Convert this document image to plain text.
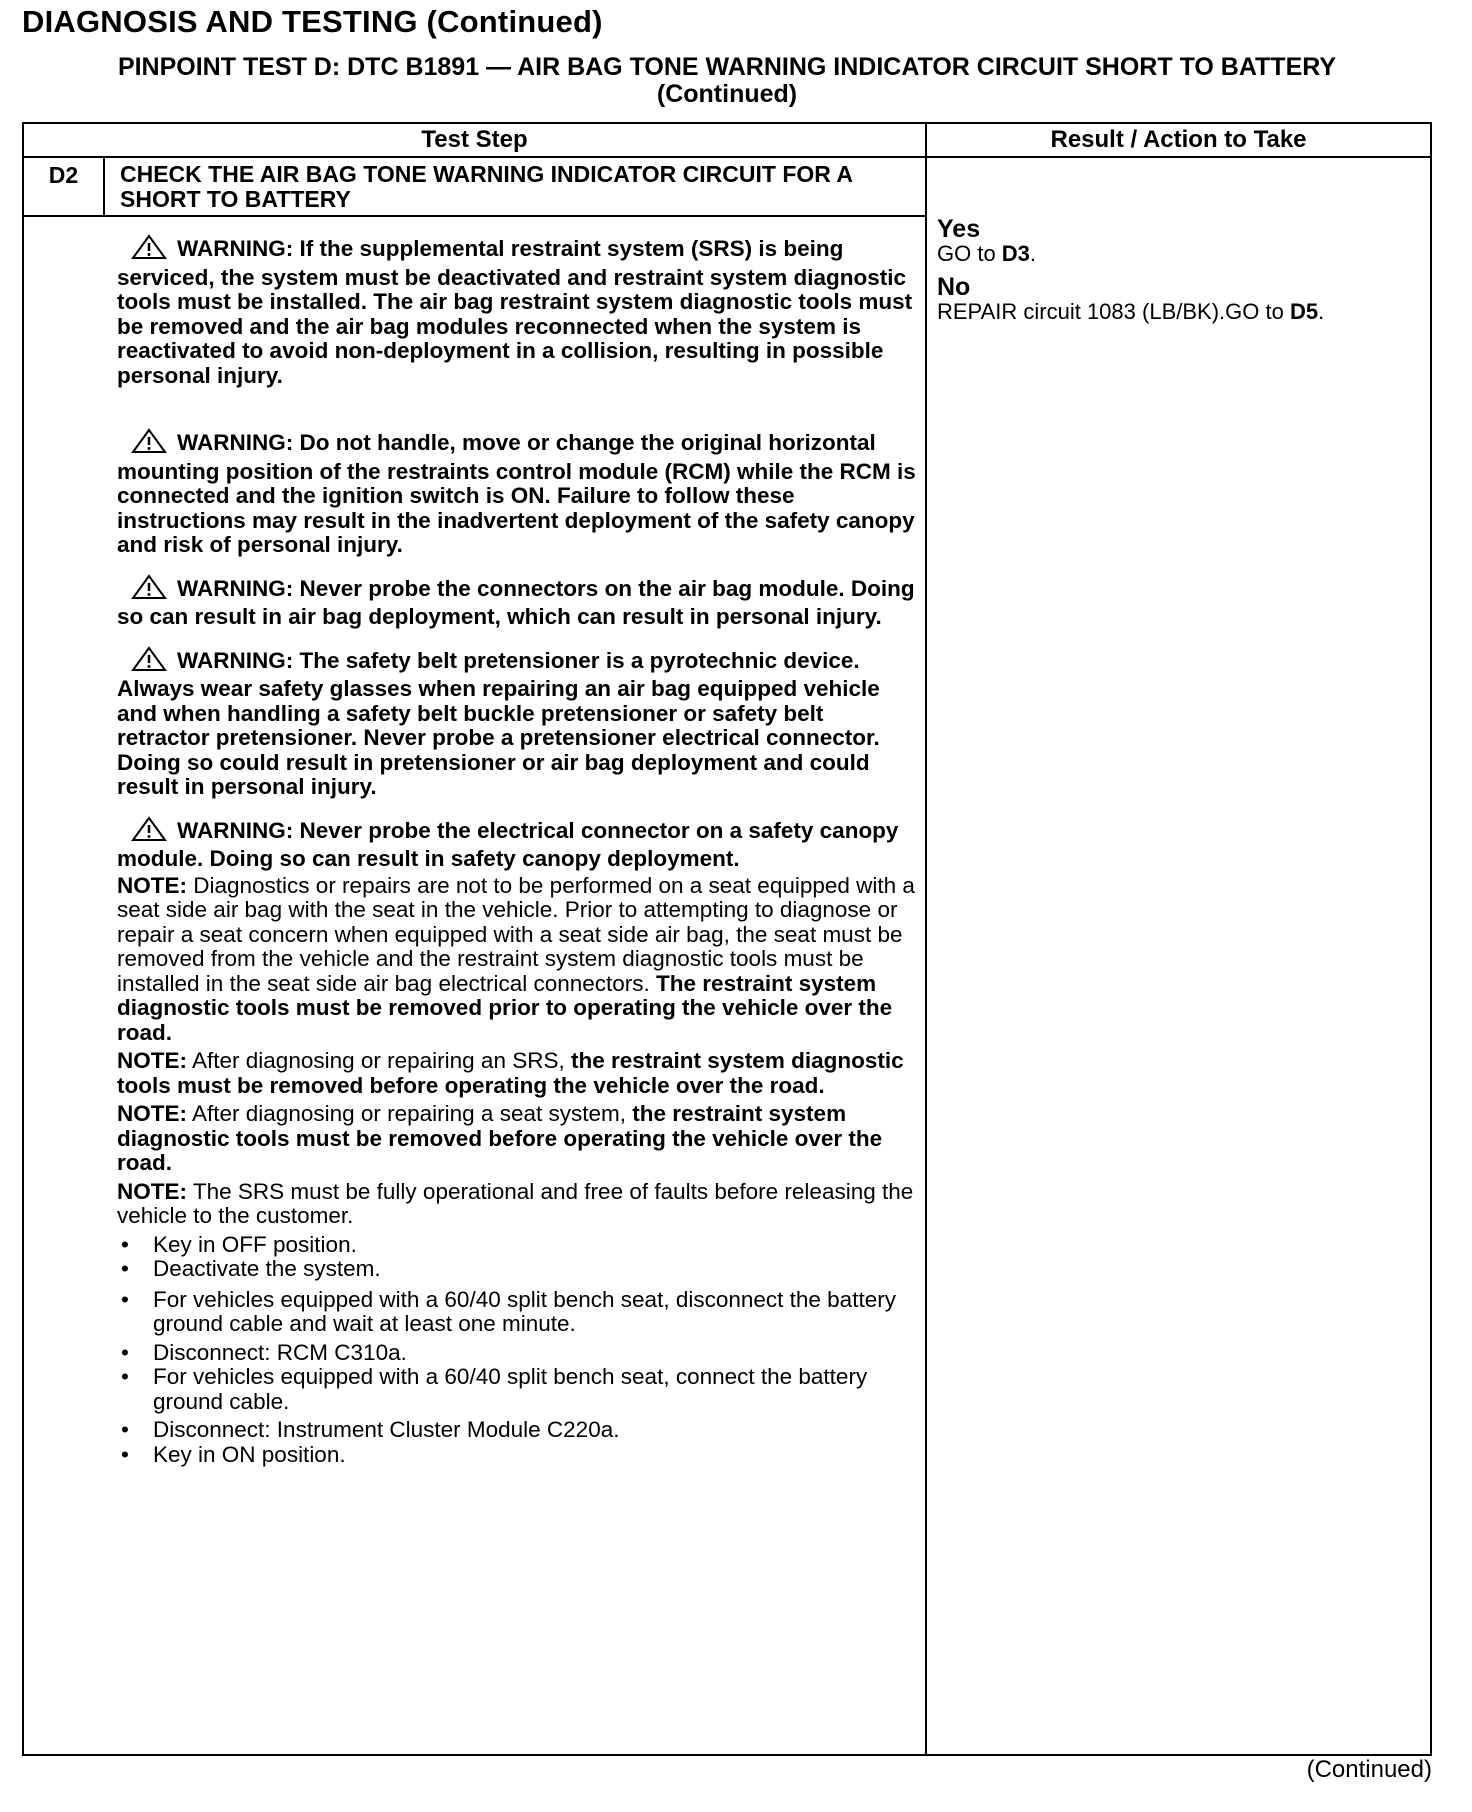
DIAGNOSIS AND TESTING (Continued)
PINPOINT TEST D: DTC B1891 — AIR BAG TONE WARNING INDICATOR CIRCUIT SHORT TO BATTERY
(Continued)
Test Step	Result / Action to Take
D2	CHECK THE AIR BAG TONE WARNING INDICATOR CIRCUIT FOR A SHORT TO BATTERY

WARNING: If the supplemental restraint system (SRS) is being serviced, the system must be deactivated and restraint system diagnostic tools must be installed. The air bag restraint system diagnostic tools must be removed and the air bag modules reconnected when the system is reactivated to avoid non-deployment in a collision, resulting in possible personal injury.

WARNING: Do not handle, move or change the original horizontal mounting position of the restraints control module (RCM) while the RCM is connected and the ignition switch is ON. Failure to follow these instructions may result in the inadvertent deployment of the safety canopy and risk of personal injury.

WARNING: Never probe the connectors on the air bag module. Doing so can result in air bag deployment, which can result in personal injury.

WARNING: The safety belt pretensioner is a pyrotechnic device. Always wear safety glasses when repairing an air bag equipped vehicle and when handling a safety belt buckle pretensioner or safety belt retractor pretensioner. Never probe a pretensioner electrical connector. Doing so could result in pretensioner or air bag deployment and could result in personal injury.

WARNING: Never probe the electrical connector on a safety canopy module. Doing so can result in safety canopy deployment.

NOTE: Diagnostics or repairs are not to be performed on a seat equipped with a seat side air bag with the seat in the vehicle. Prior to attempting to diagnose or repair a seat concern when equipped with a seat side air bag, the seat must be removed from the vehicle and the restraint system diagnostic tools must be installed in the seat side air bag electrical connectors. The restraint system diagnostic tools must be removed prior to operating the vehicle over the road.

NOTE: After diagnosing or repairing an SRS, the restraint system diagnostic tools must be removed before operating the vehicle over the road.

NOTE: After diagnosing or repairing a seat system, the restraint system diagnostic tools must be removed before operating the vehicle over the road.

NOTE: The SRS must be fully operational and free of faults before releasing the vehicle to the customer.

• Key in OFF position.
• Deactivate the system.
• For vehicles equipped with a 60/40 split bench seat, disconnect the battery ground cable and wait at least one minute.
• Disconnect: RCM C310a.
• For vehicles equipped with a 60/40 split bench seat, connect the battery ground cable.
• Disconnect: Instrument Cluster Module C220a.
• Key in ON position.
Yes
GO to D3.
No
REPAIR circuit 1083 (LB/BK).GO to D5.
(Continued)
